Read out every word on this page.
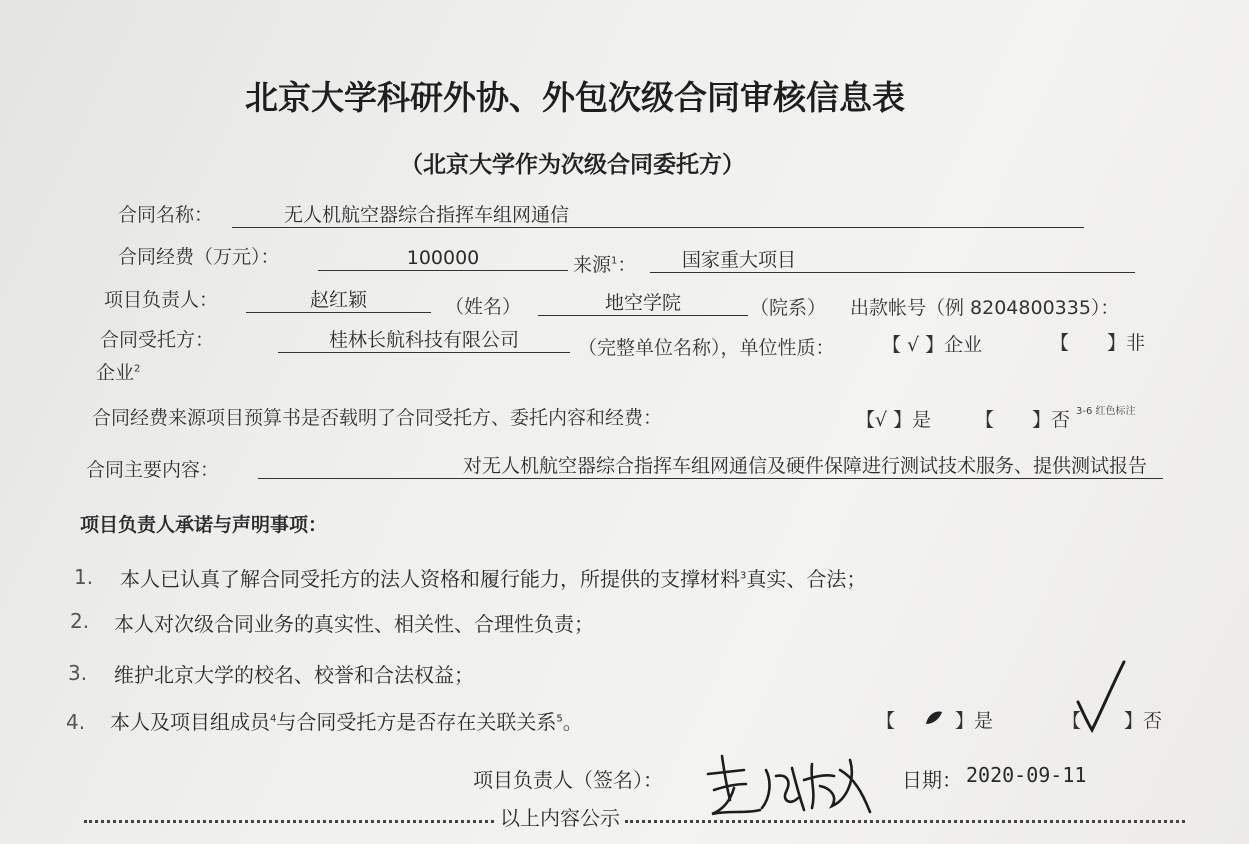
北京大学科研外协、外包次级合同审核信息表
（北京大学作为次级合同委托方）
合同名称：	无人机航空器综合指挥车组网通信
合同经费（万元）：	100000	来源$^1$：	国家重大项目
项目负责人：	赵红颖	（姓名）	地空学院	（院系） 出款帐号（例 8204800335）：
合同受托方：	桂林长航科技有限公司	（完整单位名称），单位性质： 【 √ 】企业	【　　】非
企业$^2$
合同经费来源项目预算书是否载明了合同受托方、委托内容和经费：	【√ 】是 【　　】否 3-6 红色标注
合同主要内容：	对无人机航空器综合指挥车组网通信及硬件保障进行测试技术服务、提供测试报告
项目负责人承诺与声明事项：
1. 本人已认真了解合同受托方的法人资格和履行能力，所提供的支撑材料$^3$真实、合法；
2. 本人对次级合同业务的真实性、相关性、合理性负责；
3. 维护北京大学的校名、校誉和合法权益；
4. 本人及项目组成员$^4$与合同受托方是否存在关联关系$^5$。	【	】是	【 】否
项目负责人（签名）：	日期： 2020-09-11
以上内容公示
